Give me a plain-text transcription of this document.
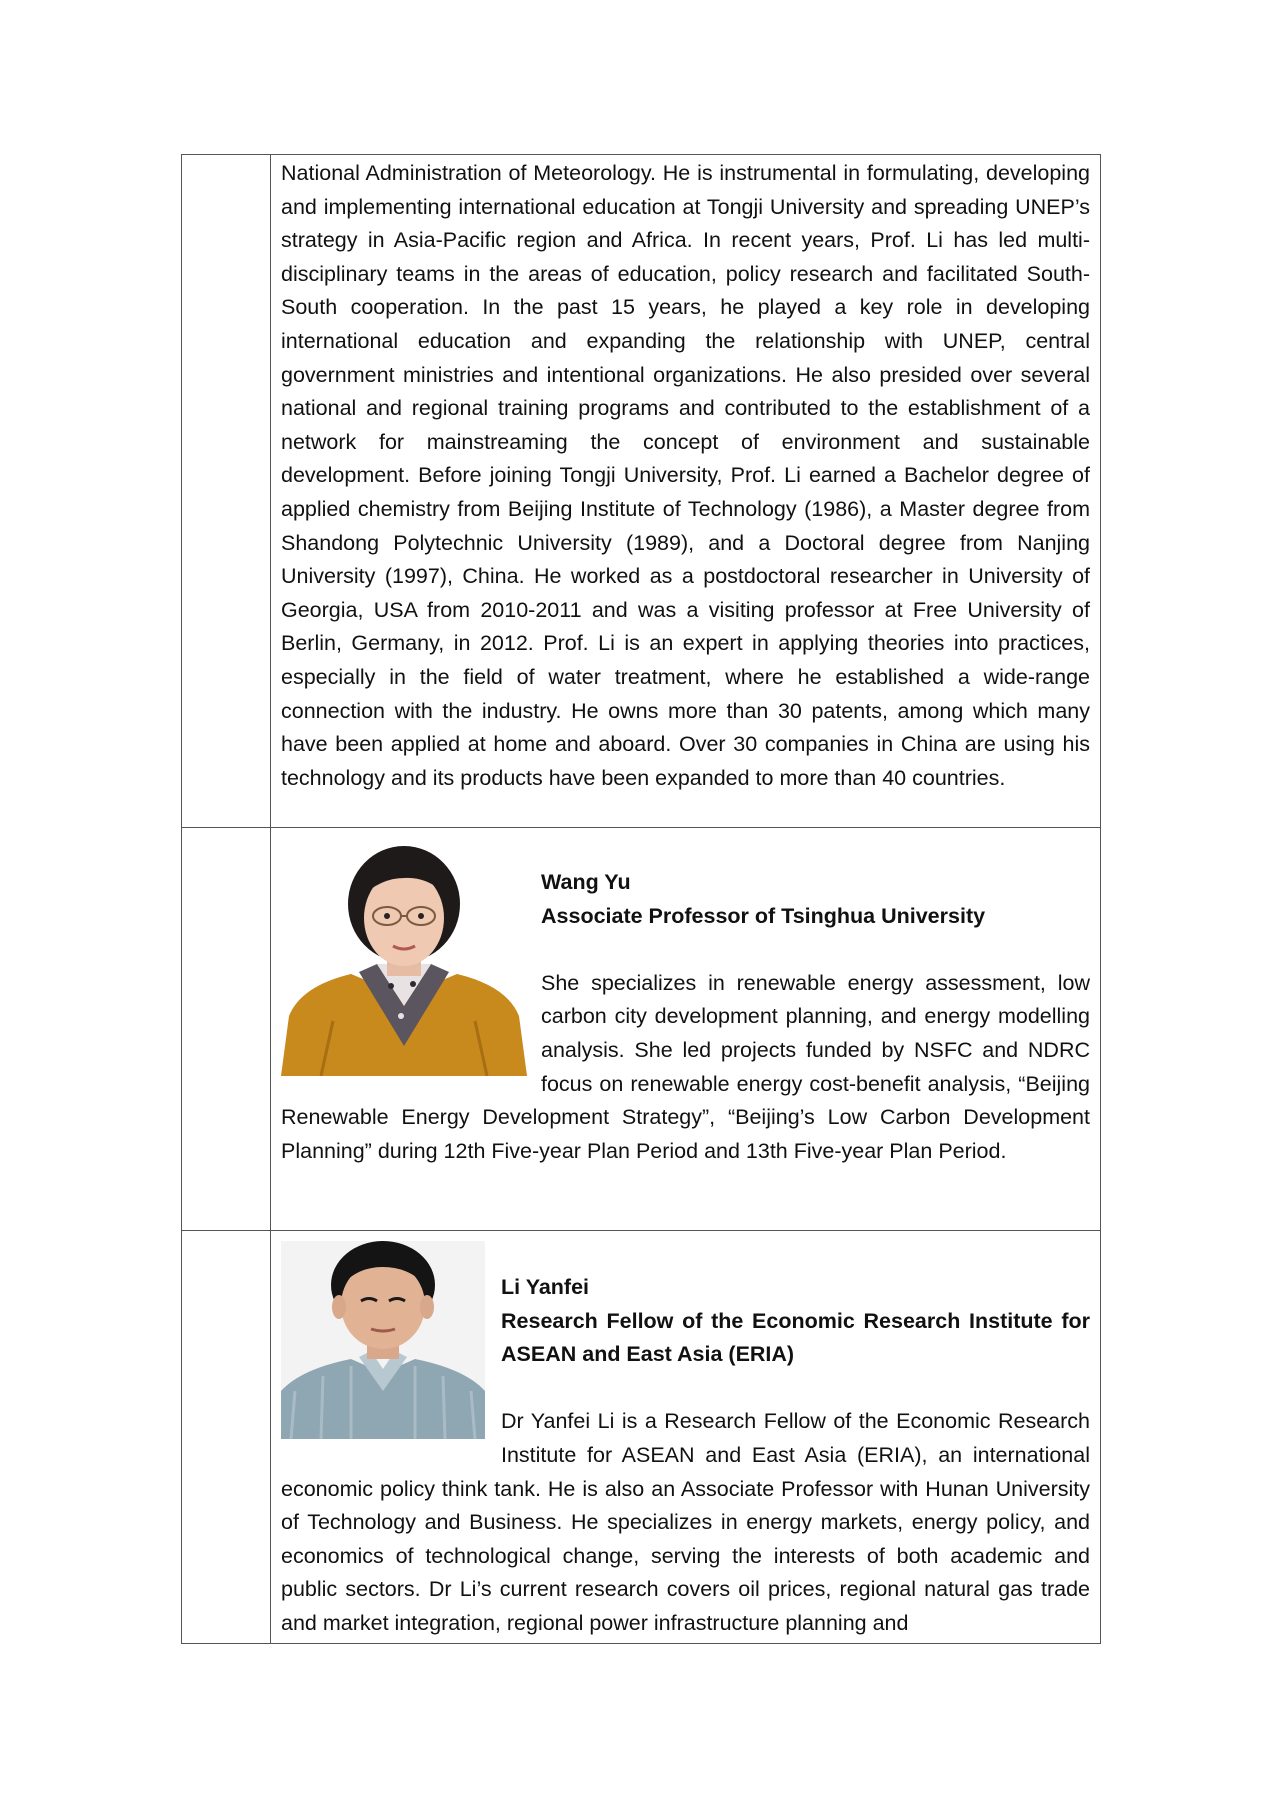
	National Administration of Meteorology. He is instrumental in formulating, developing and implementing international education at Tongji University and spreading UNEP’s strategy in Asia-Pacific region and Africa. In recent years, Prof. Li has led multi-disciplinary teams in the areas of education, policy research and facilitated South-South cooperation. In the past 15 years, he played a key role in developing international education and expanding the relationship with UNEP, central government ministries and intentional organizations. He also presided over several national and regional training programs and contributed to the establishment of a network for mainstreaming the concept of environment and sustainable development. Before joining Tongji University, Prof. Li earned a Bachelor degree of applied chemistry from Beijing Institute of Technology (1986), a Master degree from Shandong Polytechnic University (1989), and a Doctoral degree from Nanjing University (1997), China. He worked as a postdoctoral researcher in University of Georgia, USA from 2010-2011 and was a visiting professor at Free University of Berlin, Germany, in 2012. Prof. Li is an expert in applying theories into practices, especially in the field of water treatment, where he established a wide-range connection with the industry. He owns more than 30 patents, among which many have been applied at home and aboard. Over 30 companies in China are using his technology and its products have been expanded to more than 40 countries.

	Wang Yu

Associate Professor of Tsinghua University

She specializes in renewable energy assessment, low carbon city development planning, and energy modelling analysis. She led projects funded by NSFC and NDRC focus on renewable energy cost-benefit analysis, “Beijing Renewable Energy Development Strategy”, “Beijing’s Low Carbon Development Planning” during 12th Five-year Plan Period and 13th Five-year Plan Period.

	Li Yanfei

Research Fellow of the Economic Research Institute for ASEAN and East Asia (ERIA)

Dr Yanfei Li is a Research Fellow of the Economic Research Institute for ASEAN and East Asia (ERIA), an international economic policy think tank. He is also an Associate Professor with Hunan University of Technology and Business. He specializes in energy markets, energy policy, and economics of technological change, serving the interests of both academic and public sectors. Dr Li’s current research covers oil prices, regional natural gas trade and market integration, regional power infrastructure planning and
